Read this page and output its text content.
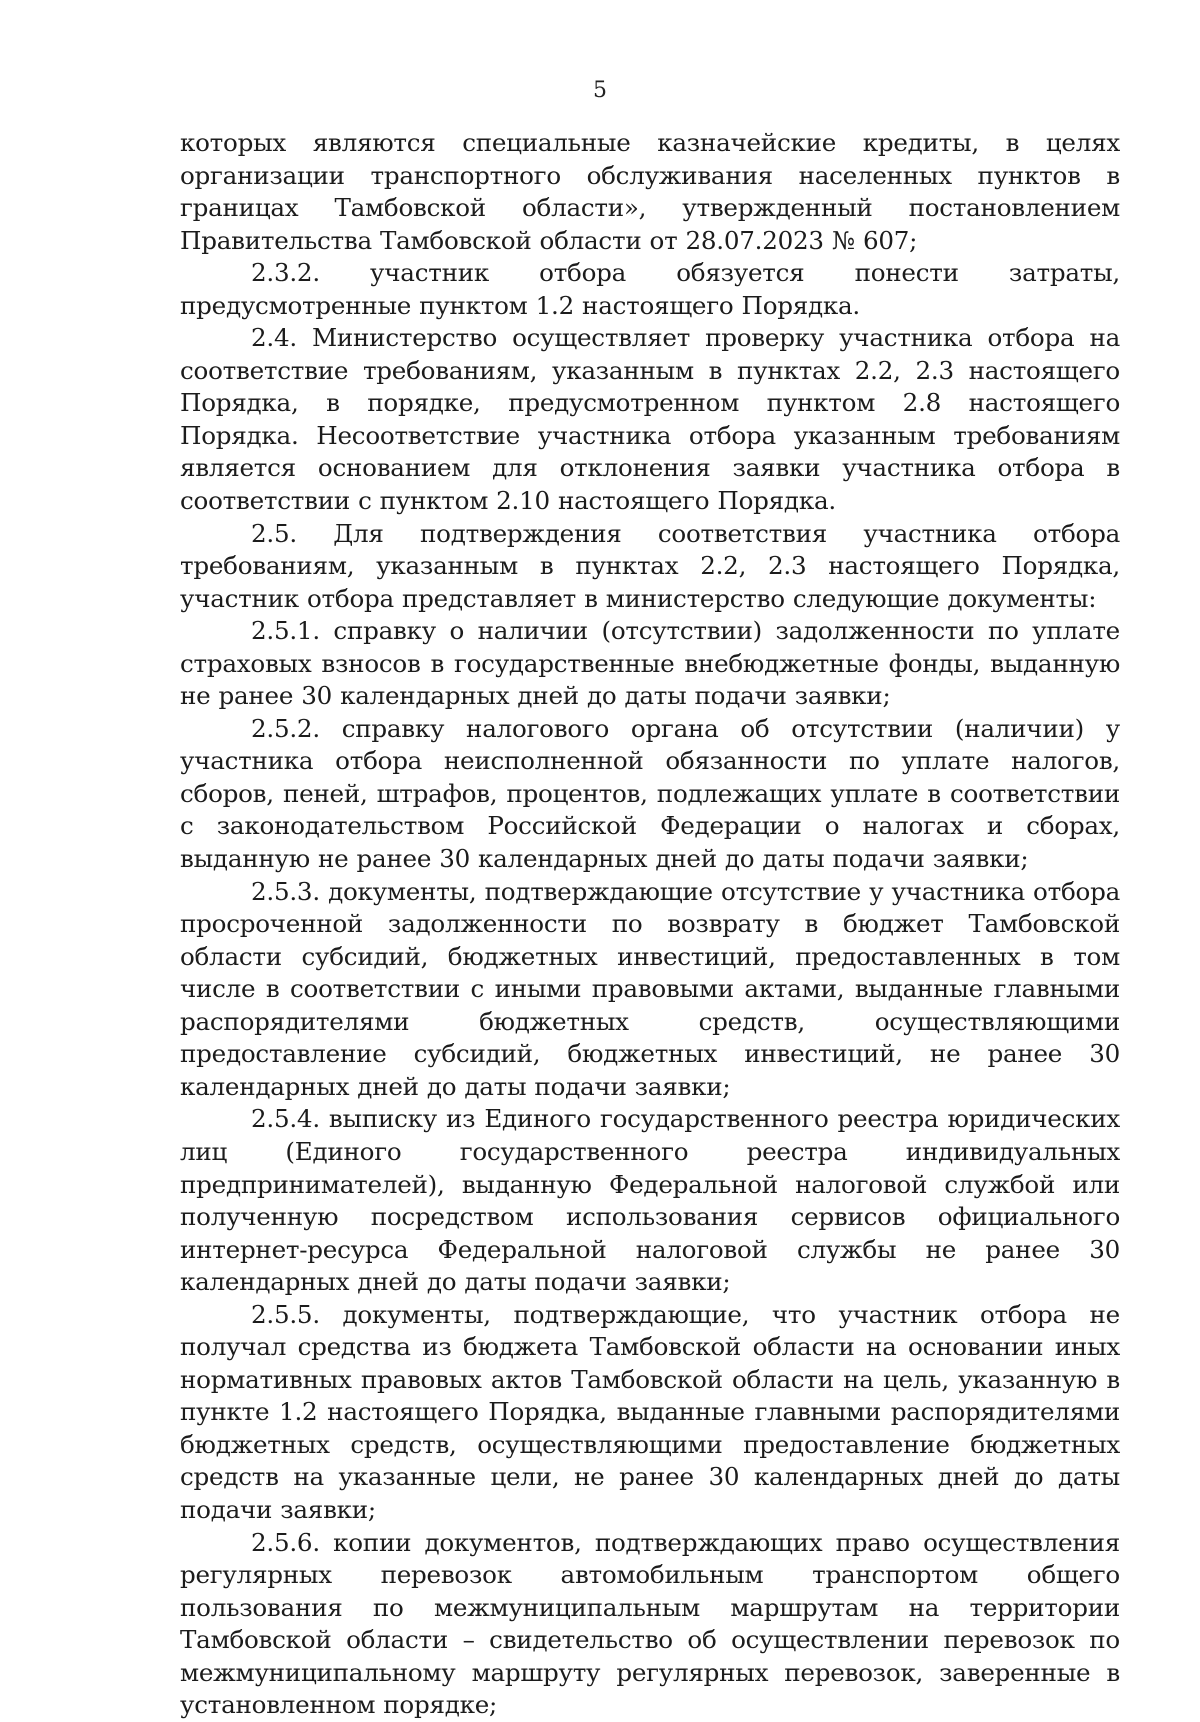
5

которых являются специальные казначейские кредиты, в целях организации транспортного обслуживания населенных пунктов в границах Тамбовской области», утвержденный постановлением Правительства Тамбовской области от 28.07.2023 № 607;

2.3.2. участник отбора обязуется понести затраты, предусмотренные пунктом 1.2 настоящего Порядка.

2.4. Министерство осуществляет проверку участника отбора на соответствие требованиям, указанным в пунктах 2.2, 2.3 настоящего Порядка, в порядке, предусмотренном пунктом 2.8 настоящего Порядка. Несоответствие участника отбора указанным требованиям является основанием для отклонения заявки участника отбора в соответствии с пунктом 2.10 настоящего Порядка.

2.5. Для подтверждения соответствия участника отбора требованиям, указанным в пунктах 2.2, 2.3 настоящего Порядка, участник отбора представляет в министерство следующие документы:

2.5.1. справку о наличии (отсутствии) задолженности по уплате страховых взносов в государственные внебюджетные фонды, выданную не ранее 30 календарных дней до даты подачи заявки;

2.5.2. справку налогового органа об отсутствии (наличии) у участника отбора неисполненной обязанности по уплате налогов, сборов, пеней, штрафов, процентов, подлежащих уплате в соответствии с законодательством Российской Федерации о налогах и сборах, выданную не ранее 30 календарных дней до даты подачи заявки;

2.5.3. документы, подтверждающие отсутствие у участника отбора просроченной задолженности по возврату в бюджет Тамбовской области субсидий, бюджетных инвестиций, предоставленных в том числе в соответствии с иными правовыми актами, выданные главными распорядителями бюджетных средств, осуществляющими предоставление субсидий, бюджетных инвестиций, не ранее 30 календарных дней до даты подачи заявки;

2.5.4. выписку из Единого государственного реестра юридических лиц (Единого государственного реестра индивидуальных предпринимателей), выданную Федеральной налоговой службой или полученную посредством использования сервисов официального интернет-ресурса Федеральной налоговой службы не ранее 30 календарных дней до даты подачи заявки;

2.5.5. документы, подтверждающие, что участник отбора не получал средства из бюджета Тамбовской области на основании иных нормативных правовых актов Тамбовской области на цель, указанную в пункте 1.2 настоящего Порядка, выданные главными распорядителями бюджетных средств, осуществляющими предоставление бюджетных средств на указанные цели, не ранее 30 календарных дней до даты подачи заявки;

2.5.6. копии документов, подтверждающих право осуществления регулярных перевозок автомобильным транспортом общего пользования по межмуниципальным маршрутам на территории Тамбовской области – свидетельство об осуществлении перевозок по межмуниципальному маршруту регулярных перевозок, заверенные в установленном порядке;
